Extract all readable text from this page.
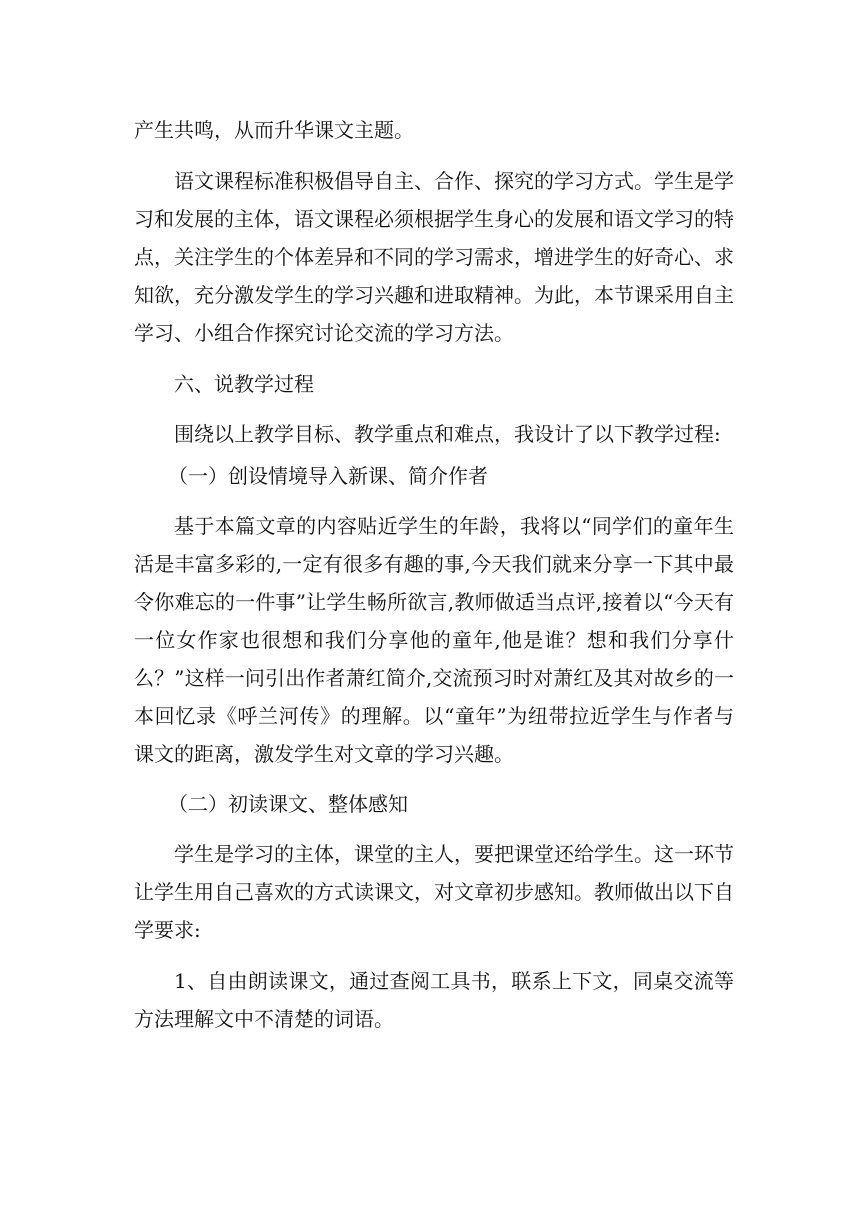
产生共鸣，从而升华课文主题。

语文课程标准积极倡导自主、合作、探究的学习方式。学生是学习和发展的主体，语文课程必须根据学生身心的发展和语文学习的特点，关注学生的个体差异和不同的学习需求，增进学生的好奇心、求知欲，充分激发学生的学习兴趣和进取精神。为此，本节课采用自主学习、小组合作探究讨论交流的学习方法。

六、说教学过程

围绕以上教学目标、教学重点和难点，我设计了以下教学过程:

（一）创设情境导入新课、简介作者

基于本篇文章的内容贴近学生的年龄，我将以“同学们的童年生活是丰富多彩的,一定有很多有趣的事,今天我们就来分享一下其中最令你难忘的一件事”让学生畅所欲言,教师做适当点评,接着以“今天有一位女作家也很想和我们分享他的童年,他是谁？想和我们分享什么？”这样一问引出作者萧红简介,交流预习时对萧红及其对故乡的一本回忆录《呼兰河传》的理解。以“童年”为纽带拉近学生与作者与课文的距离，激发学生对文章的学习兴趣。

（二）初读课文、整体感知

学生是学习的主体，课堂的主人，要把课堂还给学生。这一环节让学生用自己喜欢的方式读课文，对文章初步感知。教师做出以下自学要求:

1、自由朗读课文，通过查阅工具书，联系上下文，同桌交流等方法理解文中不清楚的词语。
